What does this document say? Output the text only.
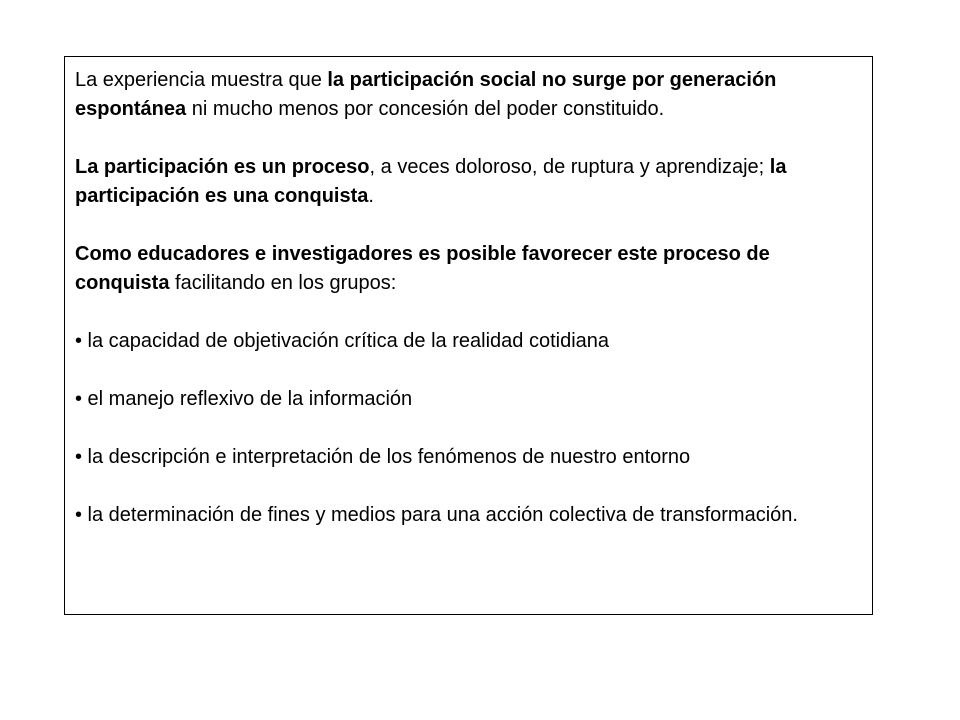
La experiencia muestra que la participación social no surge por generación espontánea ni mucho menos por concesión del poder constituido.

La participación es un proceso, a veces doloroso, de ruptura y aprendizaje; la participación es una conquista.

Como educadores e investigadores es posible favorecer este proceso de conquista facilitando en los grupos:

• la capacidad de objetivación crítica de la realidad cotidiana

• el manejo reflexivo de la información

• la descripción e interpretación de los fenómenos de nuestro entorno

• la determinación de fines y medios para una acción colectiva de transformación.
